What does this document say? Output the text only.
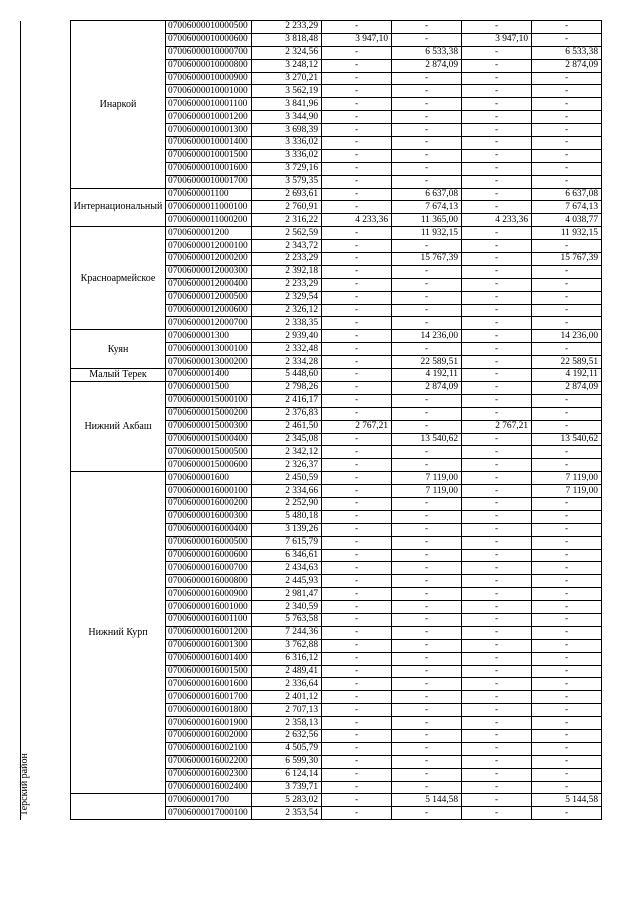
Терский район	Инаркой	07006000010000500	2 233,29	-	-	-	-
		07006000010000600	3 818,48	3 947,10	-	3 947,10	-
		07006000010000700	2 324,56	-	6 533,38	-	6 533,38
		07006000010000800	3 248,12	-	2 874,09	-	2 874,09
		07006000010000900	3 270,21	-	-	-	-
		07006000010001000	3 562,19	-	-	-	-
		07006000010001100	3 841,96	-	-	-	-
		07006000010001200	3 344,90	-	-	-	-
		07006000010001300	3 698,39	-	-	-	-
		07006000010001400	3 336,02	-	-	-	-
		07006000010001500	3 336,02	-	-	-	-
		07006000010001600	3 729,16	-	-	-	-
		07006000010001700	3 579,35	-	-	-	-
	Интернациональный	0700600001100	2 693,61	-	6 637,08	-	6 637,08
		07006000011000100	2 760,91	-	7 674,13	-	7 674,13
		07006000011000200	2 316,22	4 233,36	11 365,00	4 233,36	4 038,77
	Красноармейское	0700600001200	2 562,59	-	11 932,15	-	11 932,15
		07006000012000100	2 343,72	-	-	-	-
		07006000012000200	2 233,29	-	15 767,39	-	15 767,39
		07006000012000300	2 392,18	-	-	-	-
		07006000012000400	2 233,29	-	-	-	-
		07006000012000500	2 329,54	-	-	-	-
		07006000012000600	2 326,12	-	-	-	-
		07006000012000700	2 338,35	-	-	-	-
	Куян	0700600001300	2 939,40	-	14 236,00	-	14 236,00
		07006000013000100	2 332,48	-	-	-	-
		07006000013000200	2 334,28	-	22 589,51	-	22 589,51
	Малый Терек	0700600001400	5 448,60	-	4 192,11	-	4 192,11
	Нижний Акбаш	0700600001500	2 798,26	-	2 874,09	-	2 874,09
		07006000015000100	2 416,17	-	-	-	-
		07006000015000200	2 376,83	-	-	-	-
		07006000015000300	2 461,50	2 767,21	-	2 767,21	-
		07006000015000400	2 345,08	-	13 540,62	-	13 540,62
		07006000015000500	2 342,12	-	-	-	-
		07006000015000600	2 326,37	-	-	-	-
	Нижний Курп	0700600001600	2 450,59	-	7 119,00	-	7 119,00
		07006000016000100	2 334,66	-	7 119,00	-	7 119,00
		07006000016000200	2 252,90	-	-	-	-
		07006000016000300	5 480,18	-	-	-	-
		07006000016000400	3 139,26	-	-	-	-
		07006000016000500	7 615,79	-	-	-	-
		07006000016000600	6 346,61	-	-	-	-
		07006000016000700	2 434,63	-	-	-	-
		07006000016000800	2 445,93	-	-	-	-
		07006000016000900	2 981,47	-	-	-	-
		07006000016001000	2 340,59	-	-	-	-
		07006000016001100	5 763,58	-	-	-	-
		07006000016001200	7 244,36	-	-	-	-
		07006000016001300	3 762,88	-	-	-	-
		07006000016001400	6 316,12	-	-	-	-
		07006000016001500	2 489,41	-	-	-	-
		07006000016001600	2 336,64	-	-	-	-
		07006000016001700	2 401,12	-	-	-	-
		07006000016001800	2 707,13	-	-	-	-
		07006000016001900	2 358,13	-	-	-	-
		07006000016002000	2 632,56	-	-	-	-
		07006000016002100	4 505,79	-	-	-	-
		07006000016002200	6 599,30	-	-	-	-
		07006000016002300	6 124,14	-	-	-	-
		07006000016002400	3 739,71	-	-	-	-
		0700600001700	5 283,02	-	5 144,58	-	5 144,58
		07006000017000100	2 353,54	-	-	-	-
